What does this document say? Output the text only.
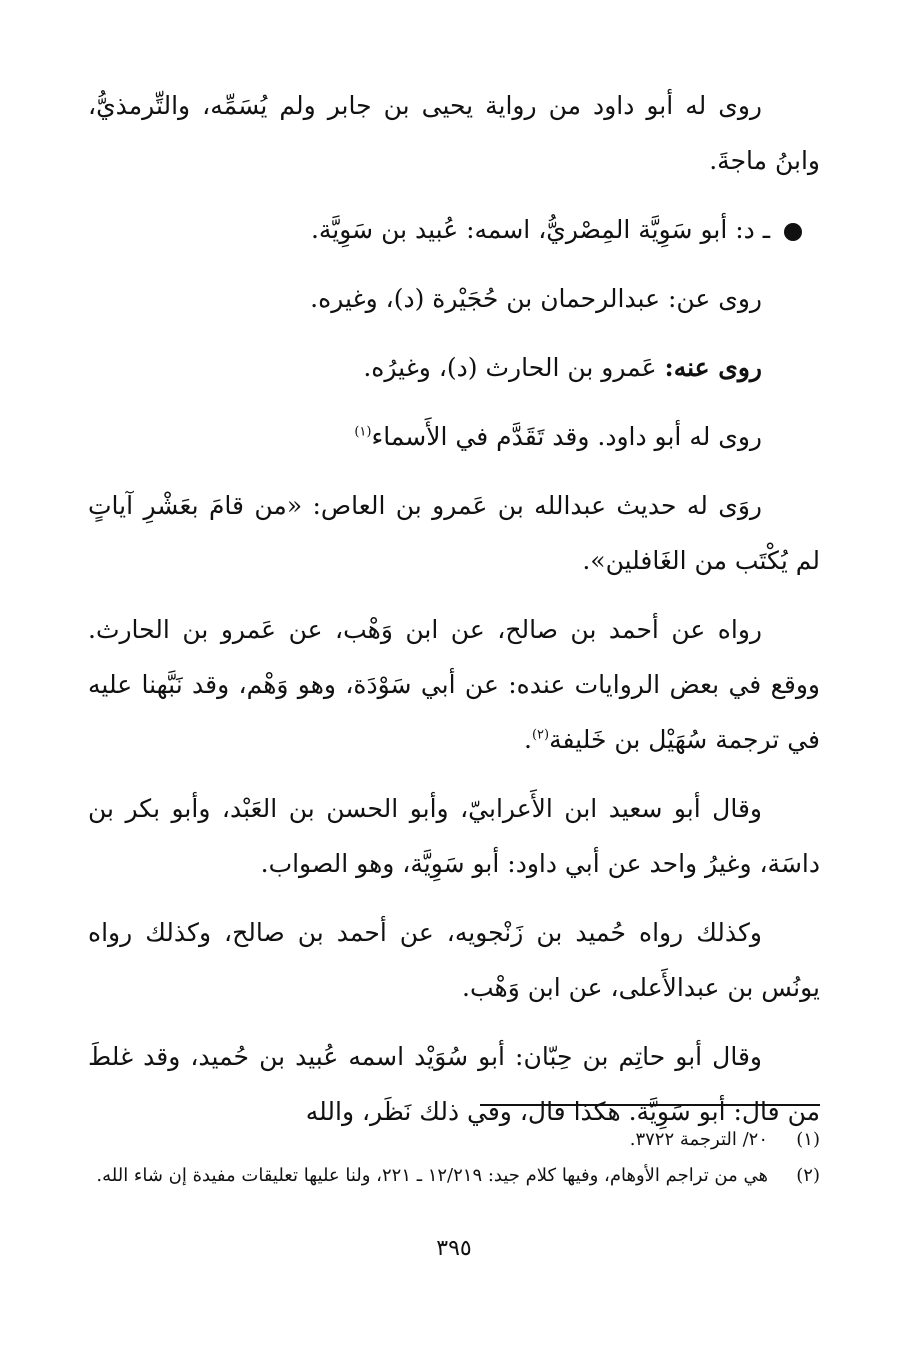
روى له أبو داود من رواية يحيى بن جابر ولم يُسَمِّه، والتِّرمذيُّ، وابنُ ماجةَ.

ـ د: أبو سَوِيَّة المِصْريُّ، اسمه: عُبيد بن سَوِيَّة.

روى عن: عبدالرحمان بن حُجَيْرة (د)، وغيره.

روى عنه: عَمرو بن الحارث (د)، وغيرُه.

روى له أبو داود. وقد تَقَدَّم في الأَسماء$^{(١)}$

روَى له حديث عبدالله بن عَمرو بن العاص: «من قامَ بعَشْرِ آياتٍ لم يُكْتَب من الغَافلين».

رواه عن أحمد بن صالح، عن ابن وَهْب، عن عَمرو بن الحارث. ووقع في بعض الروايات عنده: عن أبي سَوْدَة، وهو وَهْم، وقد نَبَّهنا عليه في ترجمة سُهَيْل بن خَليفة$^{(٢)}$.

وقال أبو سعيد ابن الأَعرابيّ، وأبو الحسن بن العَبْد، وأبو بكر بن داسَة، وغيرُ واحد عن أبي داود: أبو سَوِيَّة، وهو الصواب.

وكذلك رواه حُميد بن زَنْجويه، عن أحمد بن صالح، وكذلك رواه يونُس بن عبدالأَعلى، عن ابن وَهْب.

وقال أبو حاتِم بن حِبّان: أبو سُوَيْد اسمه عُبيد بن حُميد، وقد غلطَ من قال: أبو سَوِيَّة. هكذا قال، وفي ذلك نَظَر، والله

(١)
٢٠/ الترجمة ٣٧٢٢.
(٢)
هي من تراجم الأوهام، وفيها كلام جيد: ١٢/٢١٩ ـ ٢٢١، ولنا عليها تعليقات مفيدة إن شاء الله.
٣٩٥
